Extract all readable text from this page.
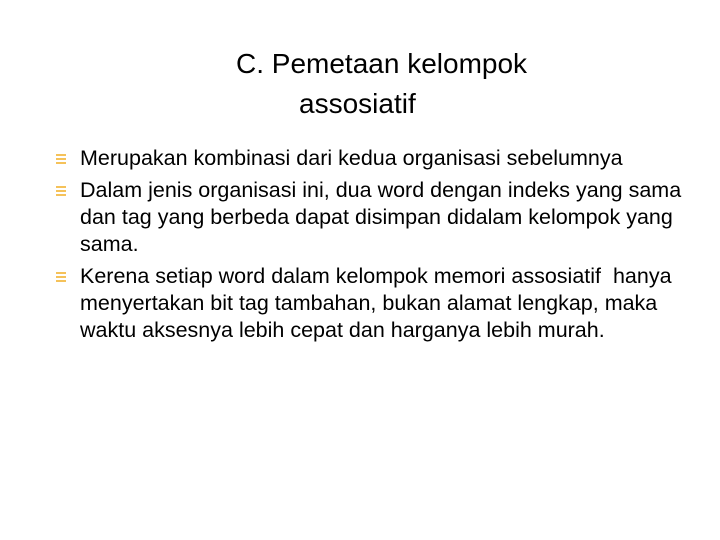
C. Pemetaan kelompok
assosiatif
Merupakan kombinasi dari kedua organisasi sebelumnya
Dalam jenis organisasi ini, dua word dengan indeks yang sama dan tag yang berbeda dapat disimpan didalam kelompok yang sama.
Kerena setiap word dalam kelompok memori assosiatif  hanya menyertakan bit tag tambahan, bukan alamat lengkap, maka waktu aksesnya lebih cepat dan harganya lebih murah.
